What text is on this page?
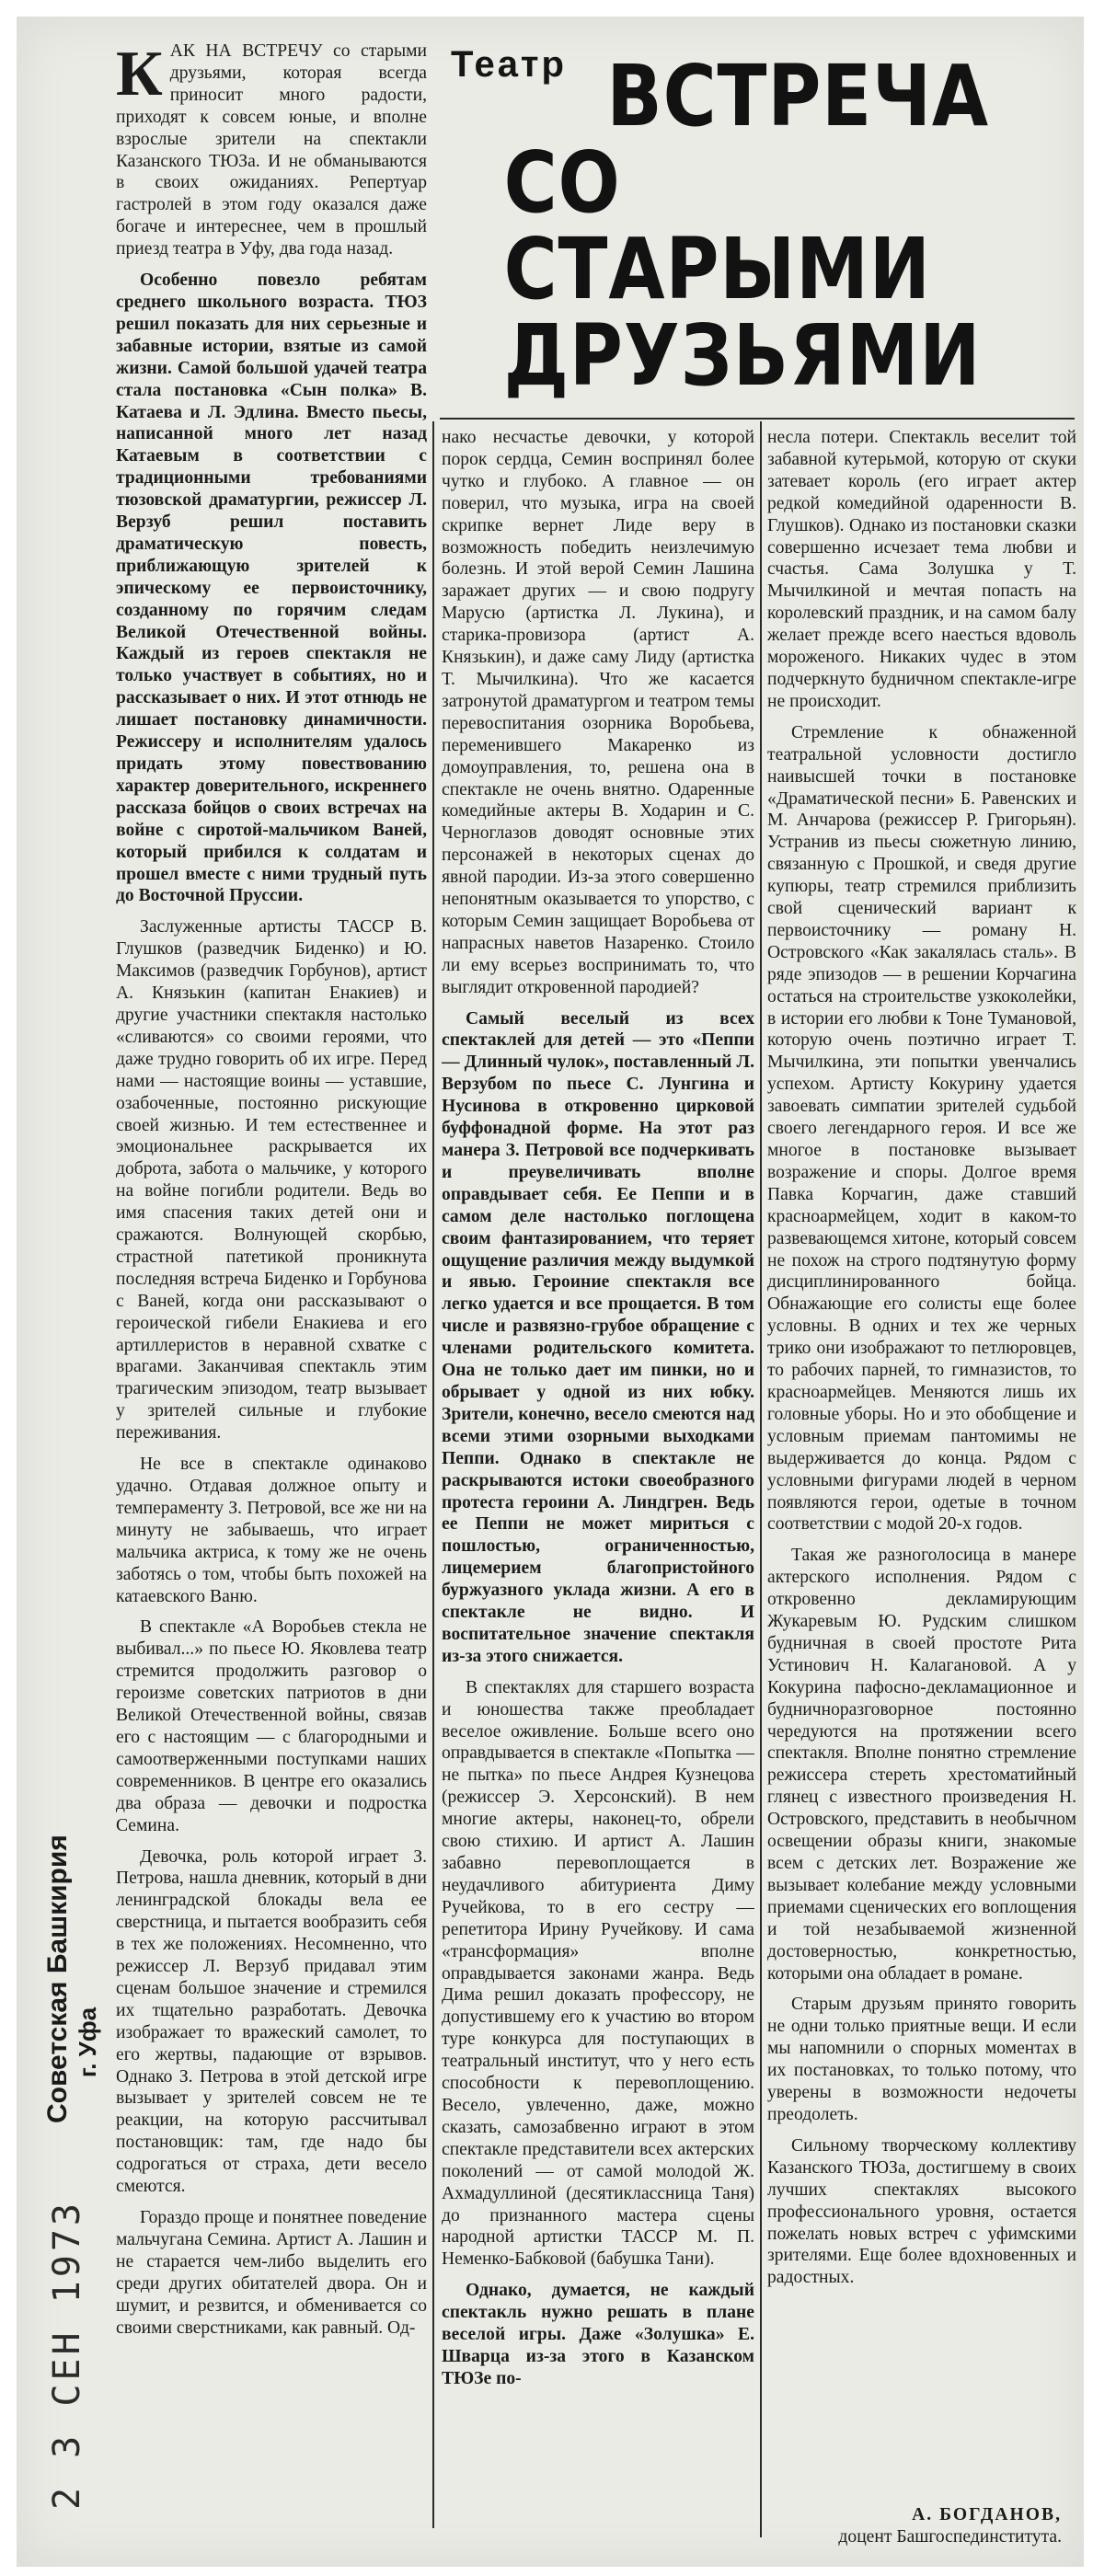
Театр ВСТРЕЧА
СО СТАРЫМИ
ДРУЗЬЯМИ

КАК НА ВСТРЕЧУ со старыми друзьями, которая всегда приносит много радости, приходят к совсем юные, и вполне взрослые зрители на спектакли Казанского ТЮЗа. И не обманываются в своих ожиданиях. Репертуар гастролей в этом году оказался даже богаче и интереснее, чем в прошлый приезд театра в Уфу, два года назад.

Особенно повезло ребятам среднего школьного возраста. ТЮЗ решил показать для них серьезные и забавные истории, взятые из самой жизни. Самой большой удачей театра стала постановка «Сын полка» В. Катаева и Л. Эдлина. Вместо пьесы, написанной много лет назад Катаевым в соответствии с традиционными требованиями тюзовской драматургии, режиссер Л. Верзуб решил поставить драматическую повесть, приближающую зрителей к эпическому ее первоисточнику, созданному по горячим следам Великой Отечественной войны. Каждый из героев спектакля не только участвует в событиях, но и рассказывает о них. И этот отнюдь не лишает постановку динамичности. Режиссеру и исполнителям удалось придать этому повествованию характер доверительного, искреннего рассказа бойцов о своих встречах на войне с сиротой-мальчиком Ваней, который прибился к солдатам и прошел вместе с ними трудный путь до Восточной Пруссии.

Заслуженные артисты ТАССР В. Глушков (разведчик Биденко) и Ю. Максимов (разведчик Горбунов), артист А. Князькин (капитан Енакиев) и другие участники спектакля настолько «сливаются» со своими героями, что даже трудно говорить об их игре. Перед нами — настоящие воины — уставшие, озабоченные, постоянно рискующие своей жизнью. И тем естественнее и эмоциональнее раскрывается их доброта, забота о мальчике, у которого на войне погибли родители. Ведь во имя спасения таких детей они и сражаются. Волнующей скорбью, страстной патетикой проникнута последняя встреча Биденко и Горбунова с Ваней, когда они рассказывают о героической гибели Енакиева и его артиллеристов в неравной схватке с врагами. Заканчивая спектакль этим трагическим эпизодом, театр вызывает у зрителей сильные и глубокие переживания.

Не все в спектакле одинаково удачно. Отдавая должное опыту и темпераменту З. Петровой, все же ни на минуту не забываешь, что играет мальчика актриса, к тому же не очень заботясь о том, чтобы быть похожей на катаевского Ваню.

В спектакле «А Воробьев стекла не выбивал...» по пьесе Ю. Яковлева театр стремится продолжить разговор о героизме советских патриотов в дни Великой Отечественной войны, связав его с настоящим — с благородными и самоотверженными поступками наших современников. В центре его оказались два образа — девочки и подростка Семина.

Девочка, роль которой играет З. Петрова, нашла дневник, который в дни ленинградской блокады вела ее сверстница, и пытается вообразить себя в тех же положениях. Несомненно, что режиссер Л. Верзуб придавал этим сценам большое значение и стремился их тщательно разработать. Девочка изображает то вражеский самолет, то его жертвы, падающие от взрывов. Однако З. Петрова в этой детской игре вызывает у зрителей совсем не те реакции, на которую рассчитывал постановщик: там, где надо бы содрогаться от страха, дети весело смеются.

Гораздо проще и понятнее поведение мальчугана Семина. Артист А. Лашин и не старается чем-либо выделить его среди других обитателей двора. Он и шумит, и резвится, и обменивается со своими сверстниками, как равный. Од-

нако несчастье девочки, у которой порок сердца, Семин воспринял более чутко и глубоко. А главное — он поверил, что музыка, игра на своей скрипке вернет Лиде веру в возможность победить неизлечимую болезнь. И этой верой Семин Лашина заражает других — и свою подругу Марусю (артистка Л. Лукина), и старика-провизора (артист А. Князькин), и даже саму Лиду (артистка Т. Мычилкина). Что же касается затронутой драматургом и театром темы перевоспитания озорника Воробьева, переменившего Макаренко из домоуправления, то, решена она в спектакле не очень внятно. Одаренные комедийные актеры В. Ходарин и С. Черноглазов доводят основные этих персонажей в некоторых сценах до явной пародии. Из-за этого совершенно непонятным оказывается то упорство, с которым Семин защищает Воробьева от напрасных наветов Назаренко. Стоило ли ему всерьез воспринимать то, что выглядит откровенной пародией?

Самый веселый из всех спектаклей для детей — это «Пеппи — Длинный чулок», поставленный Л. Верзубом по пьесе С. Лунгина и Нусинова в откровенно цирковой буффонадной форме. На этот раз манера З. Петровой все подчеркивать и преувеличивать вполне оправдывает себя. Ее Пеппи и в самом деле настолько поглощена своим фантазированием, что теряет ощущение различия между выдумкой и явью. Героиние спектакля все легко удается и все прощается. В том числе и развязно-грубое обращение с членами родительского комитета. Она не только дает им пинки, но и обрывает у одной из них юбку. Зрители, конечно, весело смеются над всеми этими озорными выходками Пеппи. Однако в спектакле не раскрываются истоки своеобразного протеста героини А. Линдгрен. Ведь ее Пеппи не может мириться с пошлостью, ограниченностью, лицемерием благопристойного буржуазного уклада жизни. А его в спектакле не видно. И воспитательное значение спектакля из-за этого снижается.

В спектаклях для старшего возраста и юношества также преобладает веселое оживление. Больше всего оно оправдывается в спектакле «Попытка — не пытка» по пьесе Андрея Кузнецова (режиссер Э. Херсонский). В нем многие актеры, наконец-то, обрели свою стихию. И артист А. Лашин забавно перевоплощается в неудачливого абитуриента Диму Ручейкова, то в его сестру — репетитора Ирину Ручейкову. И сама «трансформация» вполне оправдывается законами жанра. Ведь Дима решил доказать профессору, не допустившему его к участию во втором туре конкурса для поступающих в театральный институт, что у него есть способности к перевоплощению. Весело, увлеченно, даже, можно сказать, самозабвенно играют в этом спектакле представители всех актерских поколений — от самой молодой Ж. Ахмадуллиной (десятиклассница Таня) до признанного мастера сцены народной артистки ТАССР М. П. Неменко-Бабковой (бабушка Тани).

Однако, думается, не каждый спектакль нужно решать в плане веселой игры. Даже «Золушка» Е. Шварца из-за этого в Казанском ТЮЗе по-

несла потери. Спектакль веселит той забавной кутерьмой, которую от скуки затевает король (его играет актер редкой комедийной одаренности В. Глушков). Однако из постановки сказки совершенно исчезает тема любви и счастья. Сама Золушка у Т. Мычилкиной и мечтая попасть на королевский праздник, и на самом балу желает прежде всего наесться вдоволь мороженого. Никаких чудес в этом подчеркнуто будничном спектакле-игре не происходит.

Стремление к обнаженной театральной условности достигло наивысшей точки в постановке «Драматической песни» Б. Равенских и М. Анчарова (режиссер Р. Григорьян). Устранив из пьесы сюжетную линию, связанную с Прошкой, и сведя другие купюры, театр стремился приблизить свой сценический вариант к первоисточнику — роману Н. Островского «Как закалялась сталь». В ряде эпизодов — в решении Корчагина остаться на строительстве узкоколейки, в истории его любви к Тоне Тумановой, которую очень поэтично играет Т. Мычилкина, эти попытки увенчались успехом. Артисту Кокурину удается завоевать симпатии зрителей судьбой своего легендарного героя. И все же многое в постановке вызывает возражение и споры. Долгое время Павка Корчагин, даже ставший красноармейцем, ходит в каком-то развевающемся хитоне, который совсем не похож на строго подтянутую форму дисциплинированного бойца. Обнажающие его солисты еще более условны. В одних и тех же черных трико они изображают то петлюровцев, то рабочих парней, то гимназистов, то красноармейцев. Меняются лишь их головные уборы. Но и это обобщение и условным приемам пантомимы не выдерживается до конца. Рядом с условными фигурами людей в черном появляются герои, одетые в точном соответствии с модой 20-х годов.

Такая же разноголосица в манере актерского исполнения. Рядом с откровенно декламирующим Жукаревым Ю. Рудским слишком будничная в своей простоте Рита Устинович Н. Калагановой. А у Кокурина пафосно-декламационное и будничноразговорное постоянно чередуются на протяжении всего спектакля. Вполне понятно стремление режиссера стереть хрестоматийный глянец с известного произведения Н. Островского, представить в необычном освещении образы книги, знакомые всем с детских лет. Возражение же вызывает колебание между условными приемами сценических его воплощения и той незабываемой жизненной достоверностью, конкретностью, которыми она обладает в романе.

Старым друзьям принято говорить не одни только приятные вещи. И если мы напомнили о спорных моментах в их постановках, то только потому, что уверены в возможности недочеты преодолеть.

Сильному творческому коллективу Казанского ТЮЗа, достигшему в своих лучших спектаклях высокого профессионального уровня, остается пожелать новых встреч с уфимскими зрителями. Еще более вдохновенных и радостных.

А. БОГДАНОВ,
доцент Башгоспединститута.
Советская Башкирия г. Уфа
2 3 СЕН 1973
